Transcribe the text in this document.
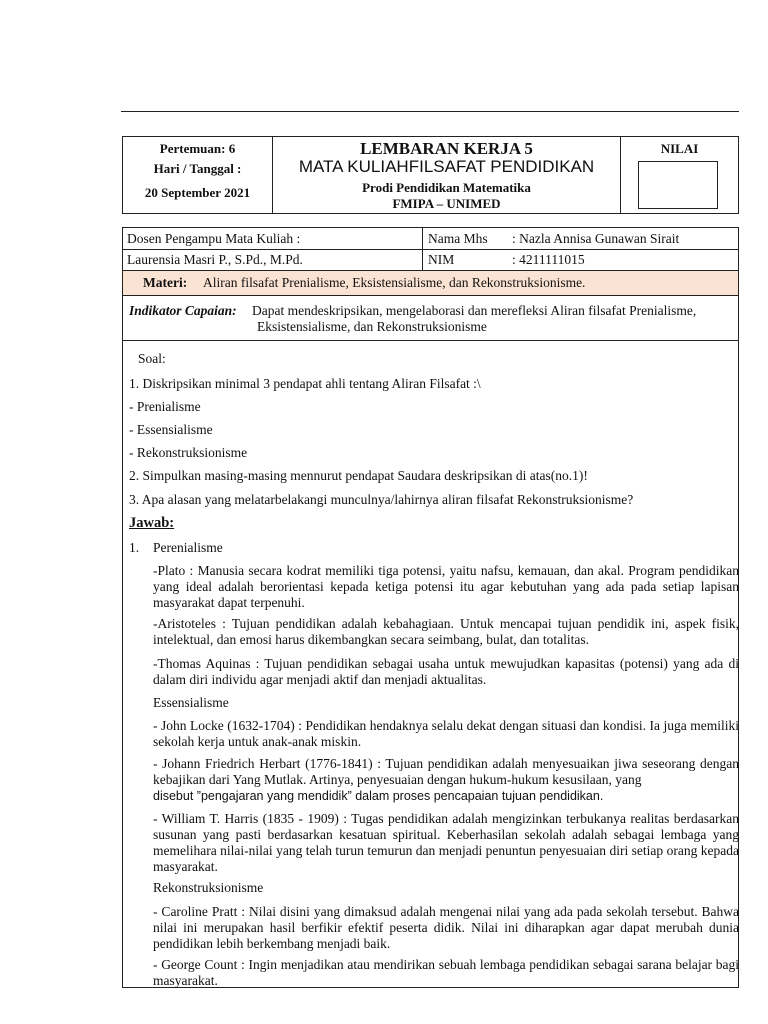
Pertemuan: 6
Hari / Tanggal :
20 September 2021
LEMBARAN KERJA 5
MATA KULIAHFILSAFAT PENDIDIKAN
Prodi Pendidikan Matematika
FMIPA – UNIMED
NILAI
Dosen Pengampu Mata Kuliah :
Laurensia Masri P., S.Pd., M.Pd.
Nama Mhs : Nazla Annisa Gunawan Sirait
NIM	: 4211111015
Materi: Aliran filsafat Prenialisme, Eksistensialisme, dan Rekonstruksionisme.
Indikator Capaian: Dapat mendeskripsikan, mengelaborasi dan merefleksi Aliran filsafat Prenialisme,
Eksistensialisme, dan Rekonstruksionisme
Soal:
1. Diskripsikan minimal 3 pendapat ahli tentang Aliran Filsafat :\
- Prenialisme
- Essensialisme
- Rekonstruksionisme
2. Simpulkan masing-masing mennurut pendapat Saudara deskripsikan di atas(no.1)!
3. Apa alasan yang melatarbelakangi munculnya/lahirnya aliran filsafat Rekonstruksionisme?
Jawab:
1. Perenialisme
-Plato : Manusia secara kodrat memiliki tiga potensi, yaitu nafsu, kemauan, dan akal. Program pendidikan yang ideal adalah berorientasi kepada ketiga potensi itu agar kebutuhan yang ada pada setiap lapisan masyarakat dapat terpenuhi.
-Aristoteles : Tujuan pendidikan adalah kebahagiaan. Untuk mencapai tujuan pendidik ini, aspek fisik, intelektual, dan emosi harus dikembangkan secara seimbang, bulat, dan totalitas.
-Thomas Aquinas : Tujuan pendidikan sebagai usaha untuk mewujudkan kapasitas (potensi) yang ada di dalam diri individu agar menjadi aktif dan menjadi aktualitas.
Essensialisme
- John Locke (1632-1704) : Pendidikan hendaknya selalu dekat dengan situasi dan kondisi. Ia juga memiliki sekolah kerja untuk anak-anak miskin.
- Johann Friedrich Herbart (1776-1841) : Tujuan pendidikan adalah menyesuaikan jiwa seseorang dengan kebajikan dari Yang Mutlak. Artinya, penyesuaian dengan hukum-hukum kesusilaan, yang
disebut ”pengajaran yang mendidik” dalam proses pencapaian tujuan pendidikan.
- William T. Harris (1835 - 1909) : Tugas pendidikan adalah mengizinkan terbukanya realitas berdasarkan susunan yang pasti berdasarkan kesatuan spiritual. Keberhasilan sekolah adalah sebagai lembaga yang memelihara nilai-nilai yang telah turun temurun dan menjadi penuntun penyesuaian diri setiap orang kepada masyarakat.
Rekonstruksionisme
- Caroline Pratt : Nilai disini yang dimaksud adalah mengenai nilai yang ada pada sekolah tersebut. Bahwa nilai ini merupakan hasil berfikir efektif peserta didik. Nilai ini diharapkan agar dapat merubah dunia pendidikan lebih berkembang menjadi baik.
- George Count : Ingin menjadikan atau mendirikan sebuah lembaga pendidikan sebagai sarana belajar bagi masyarakat.
